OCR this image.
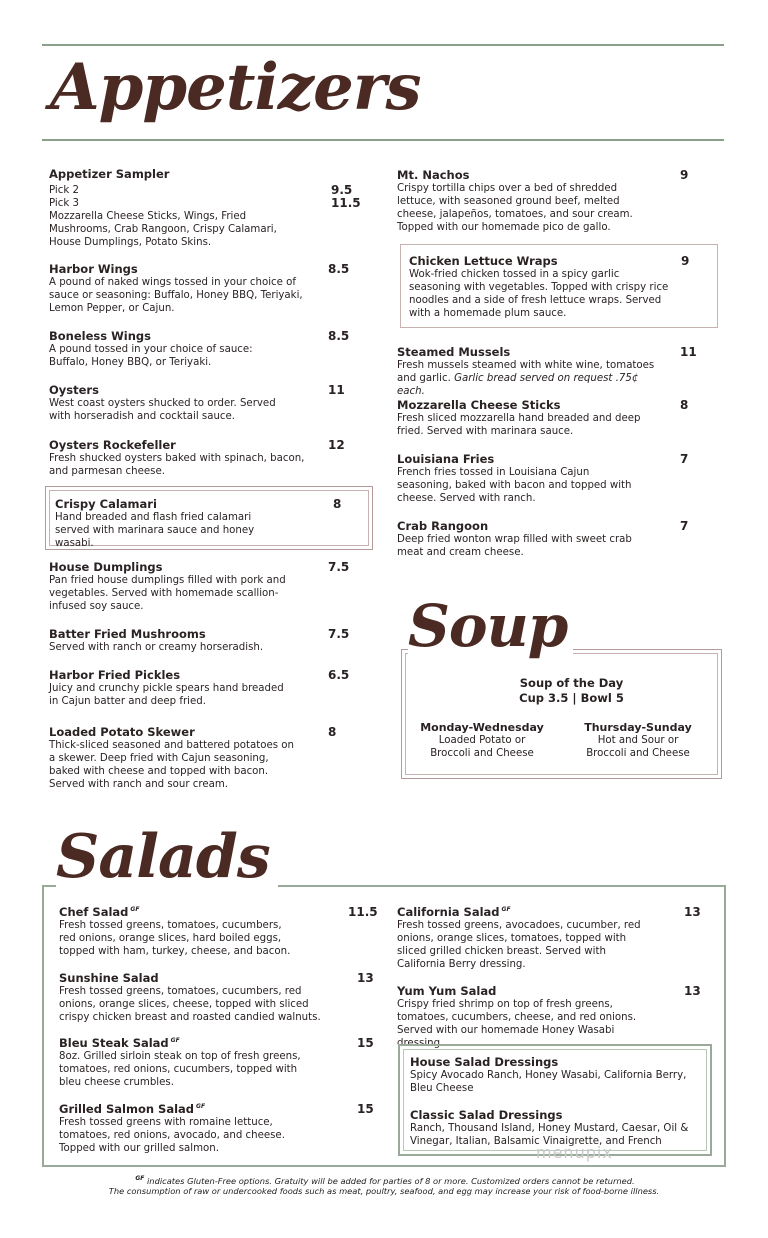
Appetizers
Appetizer Sampler
Pick 2	9.5
Pick 3	11.5
Mozzarella Cheese Sticks, Wings, Fried Mushrooms, Crab Rangoon, Crispy Calamari, House Dumplings, Potato Skins.
Harbor Wings
A pound of naked wings tossed in your choice of sauce or seasoning: Buffalo, Honey BBQ, Teriyaki, Lemon Pepper, or Cajun.
8.5
Boneless Wings
A pound tossed in your choice of sauce: Buffalo, Honey BBQ, or Teriyaki.
8.5
Oysters
West coast oysters shucked to order. Served with horseradish and cocktail sauce.
11
Oysters Rockefeller
Fresh shucked oysters baked with spinach, bacon, and parmesan cheese.
12
Crispy Calamari
Hand breaded and flash fried calamari served with marinara sauce and honey wasabi.
8
House Dumplings
Pan fried house dumplings filled with pork and vegetables. Served with homemade scallion-infused soy sauce.
7.5
Batter Fried Mushrooms
Served with ranch or creamy horseradish.
7.5
Harbor Fried Pickles
Juicy and crunchy pickle spears hand breaded in Cajun batter and deep fried.
6.5
Loaded Potato Skewer
Thick-sliced seasoned and battered potatoes on a skewer. Deep fried with Cajun seasoning, baked with cheese and topped with bacon. Served with ranch and sour cream.
8
Mt. Nachos
Crispy tortilla chips over a bed of shredded lettuce, with seasoned ground beef, melted cheese, jalapeños, tomatoes, and sour cream. Topped with our homemade pico de gallo.
9
Chicken Lettuce Wraps
Wok-fried chicken tossed in a spicy garlic seasoning with vegetables. Topped with crispy rice noodles and a side of fresh lettuce wraps. Served with a homemade plum sauce.
9
Steamed Mussels
Fresh mussels steamed with white wine, tomatoes and garlic. Garlic bread served on request .75¢ each.
11
Mozzarella Cheese Sticks
Fresh sliced mozzarella hand breaded and deep fried. Served with marinara sauce.
8
Louisiana Fries
French fries tossed in Louisiana Cajun seasoning, baked with bacon and topped with cheese. Served with ranch.
7
Crab Rangoon
Deep fried wonton wrap filled with sweet crab meat and cream cheese.
7
Soup
Soup of the Day
Cup 3.5 | Bowl 5
Monday-Wednesday
Loaded Potato or
Broccoli and Cheese
Thursday-Sunday
Hot and Sour or
Broccoli and Cheese
Salads
Chef Salad $^{GF}$
Fresh tossed greens, tomatoes, cucumbers, red onions, orange slices, hard boiled eggs, topped with ham, turkey, cheese, and bacon.
11.5
Sunshine Salad
Fresh tossed greens, tomatoes, cucumbers, red onions, orange slices, cheese, topped with sliced crispy chicken breast and roasted candied walnuts.
13
Bleu Steak Salad $^{GF}$
8oz. Grilled sirloin steak on top of fresh greens, tomatoes, red onions, cucumbers, topped with bleu cheese crumbles.
15
Grilled Salmon Salad $^{GF}$
Fresh tossed greens with romaine lettuce, tomatoes, red onions, avocado, and cheese. Topped with our grilled salmon.
15
California Salad $^{GF}$
Fresh tossed greens, avocadoes, cucumber, red onions, orange slices, tomatoes, topped with sliced grilled chicken breast. Served with California Berry dressing.
13
Yum Yum Salad
Crispy fried shrimp on top of fresh greens, tomatoes, cucumbers, cheese, and red onions. Served with our homemade Honey Wasabi dressing.
13
House Salad Dressings
Spicy Avocado Ranch, Honey Wasabi, California Berry, Bleu Cheese
Classic Salad Dressings
Ranch, Thousand Island, Honey Mustard, Caesar, Oil & Vinegar, Italian, Balsamic Vinaigrette, and French
menupix
$^{GF}$ indicates Gluten-Free options. Gratuity will be added for parties of 8 or more. Customized orders cannot be returned.
The consumption of raw or undercooked foods such as meat, poultry, seafood, and egg may increase your risk of food-borne illness.
